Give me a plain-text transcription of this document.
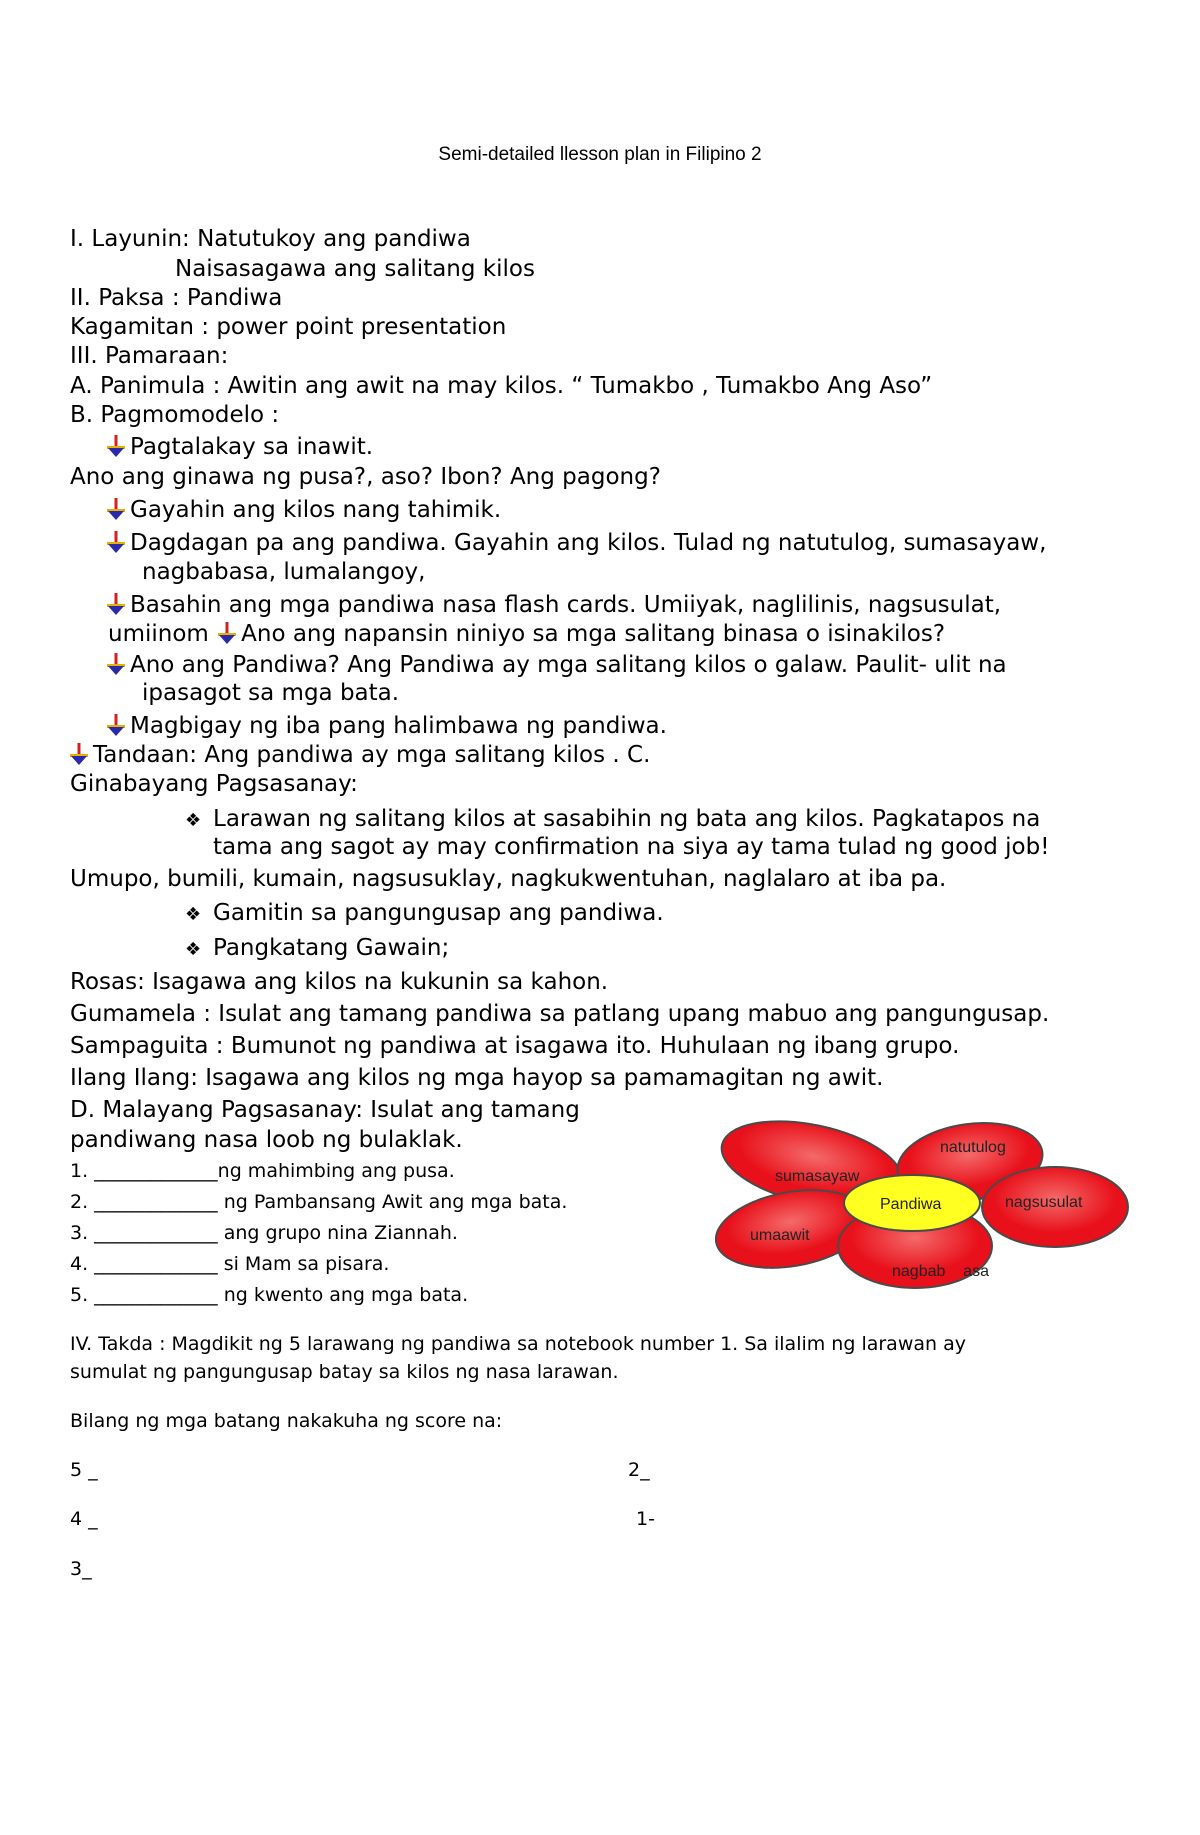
Semi-detailed llesson plan in Filipino 2
I. Layunin: Natutukoy ang pandiwa
Naisasagawa ang salitang kilos
II. Paksa : Pandiwa
Kagamitan : power point presentation
III. Pamaraan:
A. Panimula : Awitin ang awit na may kilos. “ Tumakbo , Tumakbo Ang Aso”
B. Pagmomodelo :
Pagtalakay sa inawit.
Ano ang ginawa ng pusa?, aso? Ibon? Ang pagong?
Gayahin ang kilos nang tahimik.
Dagdagan pa ang pandiwa. Gayahin ang kilos. Tulad ng natutulog, sumasayaw,
nagbabasa, lumalangoy,
Basahin ang mga pandiwa nasa flash cards. Umiiyak, naglilinis, nagsusulat,
umiinom Ano ang napansin niniyo sa mga salitang binasa o isinakilos?
Ano ang Pandiwa? Ang Pandiwa ay mga salitang kilos o galaw. Paulit- ulit na
ipasagot sa mga bata.
Magbigay ng iba pang halimbawa ng pandiwa.
Tandaan: Ang pandiwa ay mga salitang kilos . C.
Ginabayang Pagsasanay:
❖ Larawan ng salitang kilos at sasabihin ng bata ang kilos. Pagkatapos na
tama ang sagot ay may confirmation na siya ay tama tulad ng good job!
Umupo, bumili, kumain, nagsusuklay, nagkukwentuhan, naglalaro at iba pa.
❖ Gamitin sa pangungusap ang pandiwa.
❖ Pangkatang Gawain;
Rosas: Isagawa ang kilos na kukunin sa kahon.
Gumamela : Isulat ang tamang pandiwa sa patlang upang mabuo ang pangungusap.
Sampaguita : Bumunot ng pandiwa at isagawa ito. Huhulaan ng ibang grupo.
Ilang Ilang: Isagawa ang kilos ng mga hayop sa pamamagitan ng awit.
D. Malayang Pagsasanay: Isulat ang tamang
pandiwang nasa loob ng bulaklak.
1. _____________ng mahimbing ang pusa.
2. _____________ ng Pambansang Awit ang mga bata.
3. _____________ ang grupo nina Ziannah.
4. _____________ si Mam sa pisara.
5. _____________ ng kwento ang mga bata.
natutulog
sumasayaw
Pandiwa	nagsusulat
umaawit
nagbab    asa
IV. Takda : Magdikit ng 5 larawang ng pandiwa sa notebook number 1. Sa ilalim ng larawan ay
sumulat ng pangungusap batay sa kilos ng nasa larawan.
Bilang ng mga batang nakakuha ng score na:
5 _	2_
4 _	1-
3_
